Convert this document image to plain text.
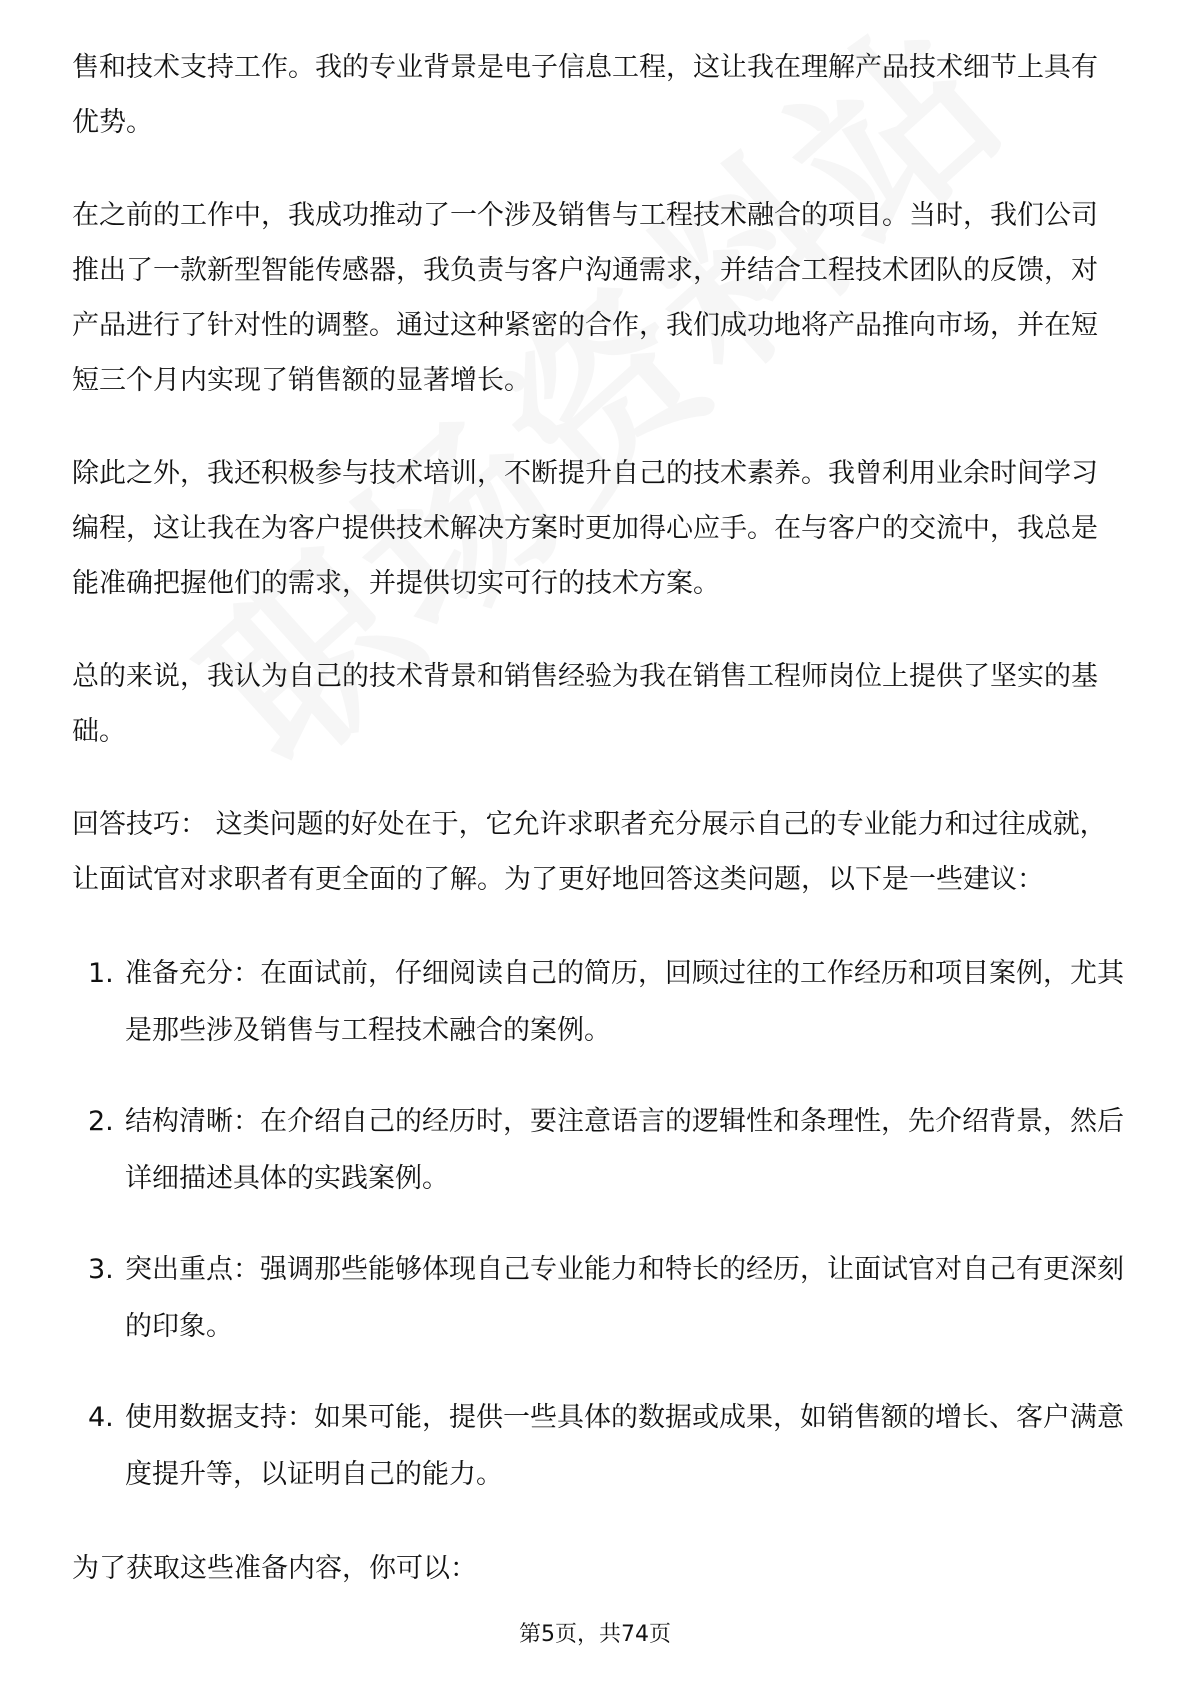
售和技术支持工作。我的专业背景是电子信息工程，这让我在理解产品技术细节上具有优势。

在之前的工作中，我成功推动了一个涉及销售与工程技术融合的项目。当时，我们公司推出了一款新型智能传感器，我负责与客户沟通需求，并结合工程技术团队的反馈，对产品进行了针对性的调整。通过这种紧密的合作，我们成功地将产品推向市场，并在短短三个月内实现了销售额的显著增长。

除此之外，我还积极参与技术培训，不断提升自己的技术素养。我曾利用业余时间学习编程，这让我在为客户提供技术解决方案时更加得心应手。在与客户的交流中，我总是能准确把握他们的需求，并提供切实可行的技术方案。

总的来说，我认为自己的技术背景和销售经验为我在销售工程师岗位上提供了坚实的基础。

回答技巧： 这类问题的好处在于，它允许求职者充分展示自己的专业能力和过往成就，让面试官对求职者有更全面的了解。为了更好地回答这类问题，以下是一些建议：

1. 准备充分：在面试前，仔细阅读自己的简历，回顾过往的工作经历和项目案例，尤其是那些涉及销售与工程技术融合的案例。
2. 结构清晰：在介绍自己的经历时，要注意语言的逻辑性和条理性，先介绍背景，然后详细描述具体的实践案例。
3. 突出重点：强调那些能够体现自己专业能力和特长的经历，让面试官对自己有更深刻的印象。
4. 使用数据支持：如果可能，提供一些具体的数据或成果，如销售额的增长、客户满意度提升等，以证明自己的能力。

为了获取这些准备内容，你可以：

第5页，共74页
